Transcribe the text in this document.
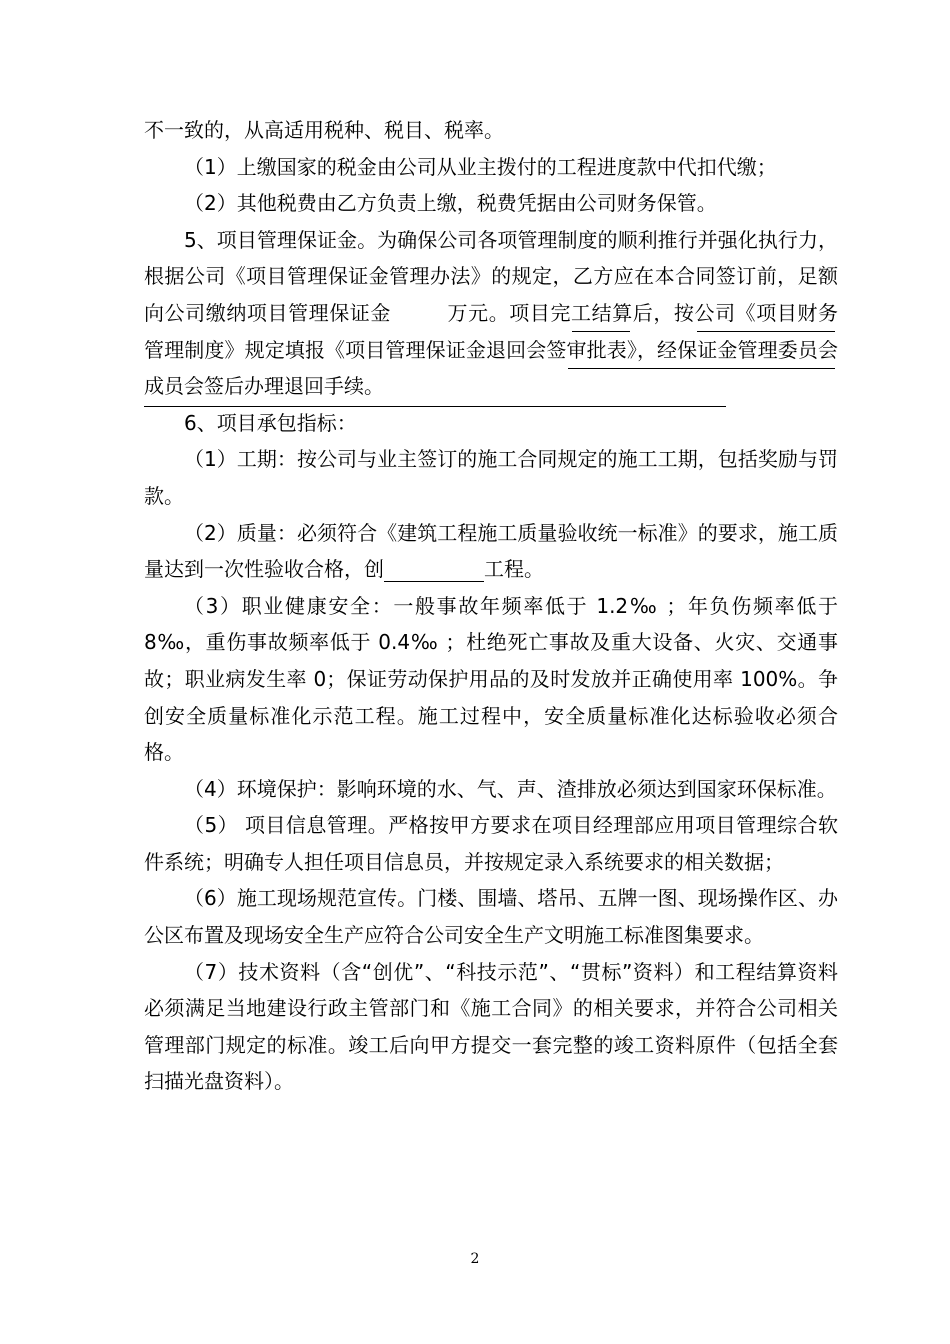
不一致的，从高适用税种、税目、税率。

（1）上缴国家的税金由公司从业主拨付的工程进度款中代扣代缴；

（2）其他税费由乙方负责上缴，税费凭据由公司财务保管。

5、项目管理保证金。为确保公司各项管理制度的顺利推行并强化执行力，根据公司《项目管理保证金管理办法》的规定，乙方应在本合同签订前，足额向公司缴纳项目管理保证金	万元。项目完工结算后，按公司《项目财务管理制度》规定填报《项目管理保证金退回会签审批表》，经保证金管理委员会成员会签后办理退回手续。

6、项目承包指标：

（1）工期：按公司与业主签订的施工合同规定的施工工期，包括奖励与罚款。

（2）质量：必须符合《建筑工程施工质量验收统一标准》的要求，施工质量达到一次性验收合格，创	工程。

（3）职业健康安全：一般事故年频率低于 1.2‰ ；年负伤频率低于 8‰，重伤事故频率低于 0.4‰ ；杜绝死亡事故及重大设备、火灾、交通事故；职业病发生率 0；保证劳动保护用品的及时发放并正确使用率 100%。争创安全质量标准化示范工程。施工过程中，安全质量标准化达标验收必须合格。

（4）环境保护：影响环境的水、气、声、渣排放必须达到国家环保标准。

（5） 项目信息管理。严格按甲方要求在项目经理部应用项目管理综合软件系统；明确专人担任项目信息员，并按规定录入系统要求的相关数据；

（6）施工现场规范宣传。门楼、围墙、塔吊、五牌一图、现场操作区、办公区布置及现场安全生产应符合公司安全生产文明施工标准图集要求。

（7）技术资料（含“创优”、“科技示范”、“贯标”资料）和工程结算资料必须满足当地建设行政主管部门和《施工合同》的相关要求，并符合公司相关管理部门规定的标准。竣工后向甲方提交一套完整的竣工资料原件（包括全套扫描光盘资料）。

2
